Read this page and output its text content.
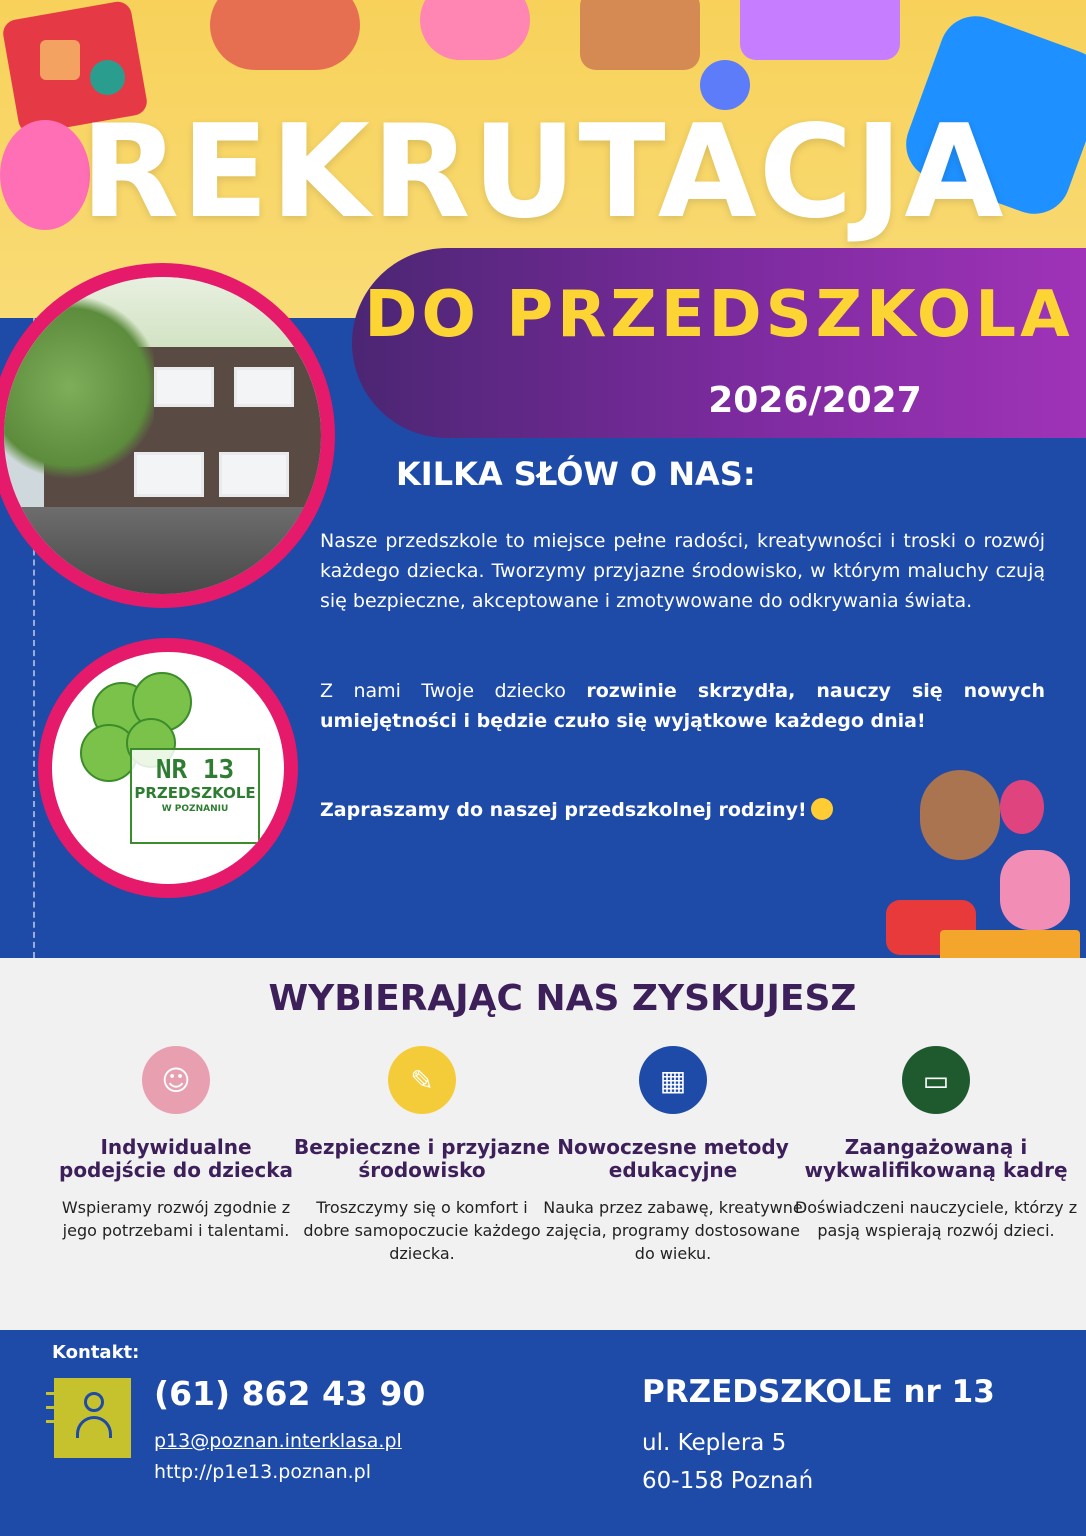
REKRUTACJA
DO PRZEDSZKOLA
2026/2027
NR 13
PRZEDSZKOLE
W POZNANIU
KILKA SŁÓW O NAS:

Nasze przedszkole to miejsce pełne radości, kreatywności i troski o rozwój każdego dziecka. Tworzymy przyjazne środowisko, w którym maluchy czują się bezpieczne, akceptowane i zmotywowane do odkrywania świata.

Z nami Twoje dziecko rozwinie skrzydła, nauczy się nowych umiejętności i będzie czuło się wyjątkowe każdego dnia!

Zapraszamy do naszej przedszkolnej rodziny!
WYBIERAJĄC NAS ZYSKUJESZ
☺
Indywidualne podejście do dziecka
Wspieramy rozwój zgodnie z jego potrzebami i talentami.
✎
Bezpieczne i przyjazne środowisko
Troszczymy się o komfort i dobre samopoczucie każdego dziecka.
▦
Nowoczesne metody edukacyjne
Nauka przez zabawę, kreatywne zajęcia, programy dostosowane do wieku.
▭
Zaangażowaną i wykwalifikowaną kadrę
Doświadczeni nauczyciele, którzy z pasją wspierają rozwój dzieci.
Kontakt:
(61) 862 43 90
p13@poznan.interklasa.pl
http://p1e13.poznan.pl
PRZEDSZKOLE nr 13
ul. Keplera 5
60-158 Poznań
